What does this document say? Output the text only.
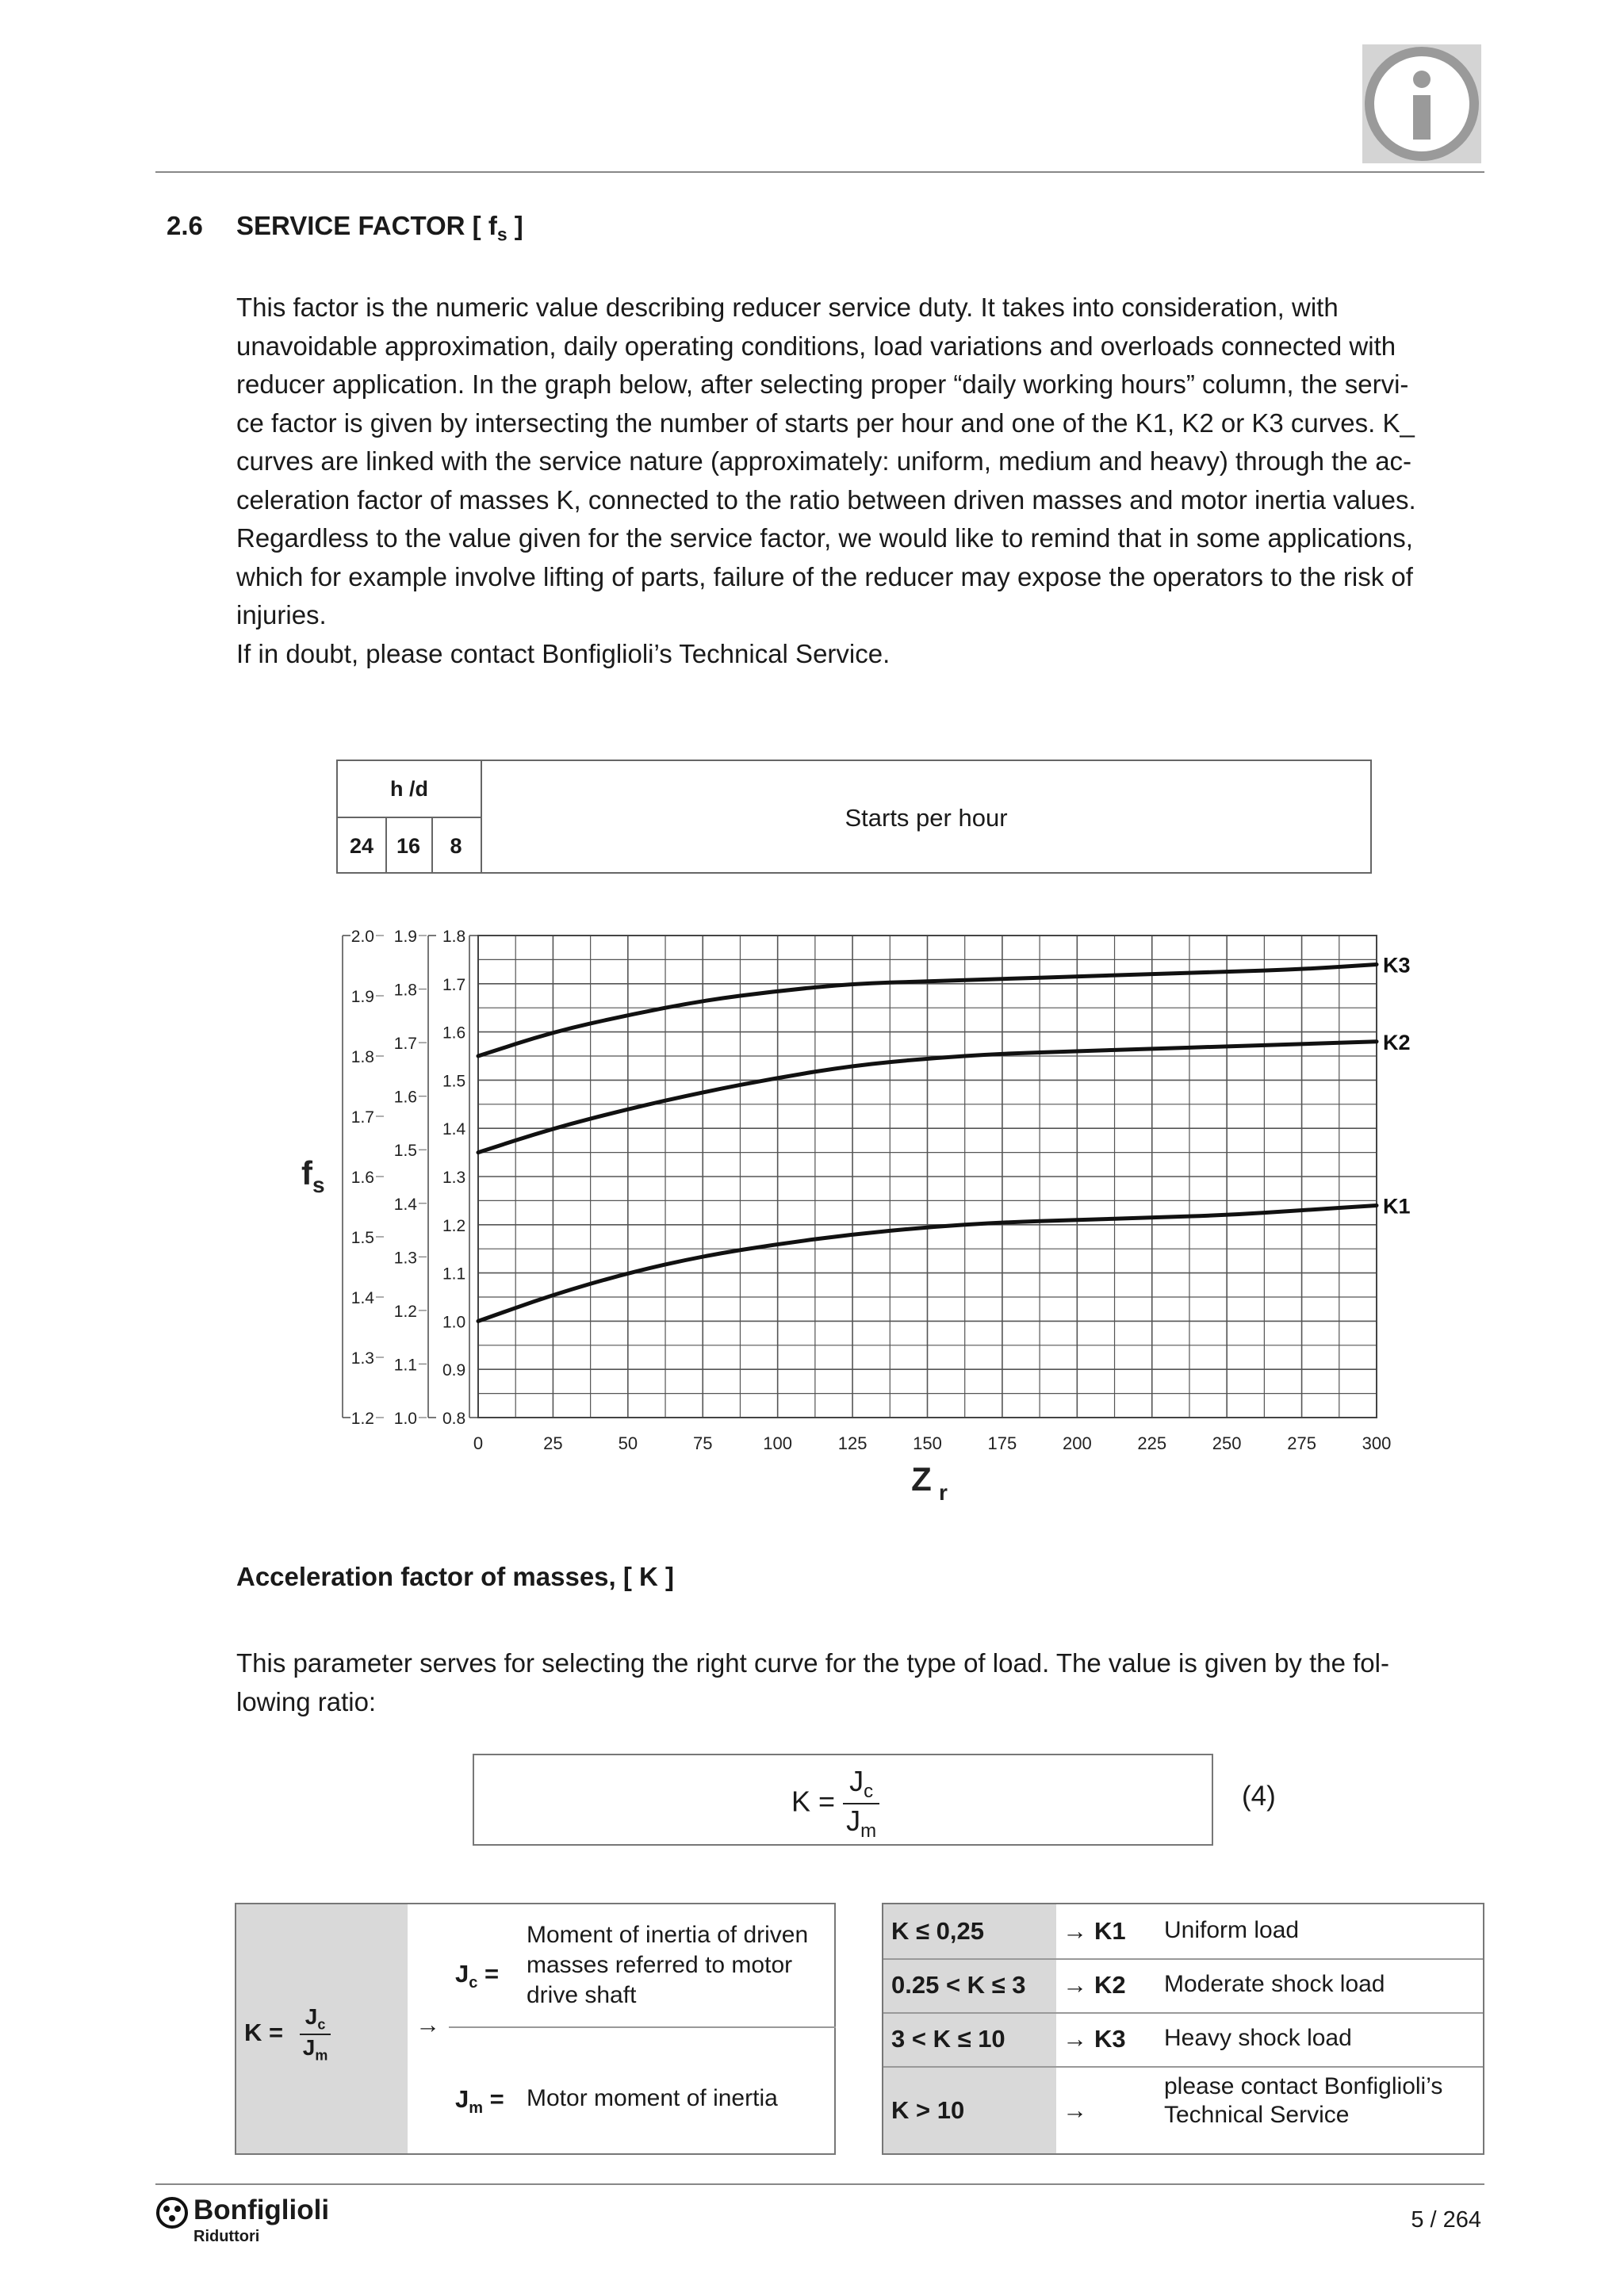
2.6 SERVICE FACTOR [ $f_s$ ]

This factor is the numeric value describing reducer service duty. It takes into consideration, with

unavoidable approximation, daily operating conditions, load variations and overloads connected with

reducer application. In the graph below, after selecting proper “daily working hours” column, the servi-

ce factor is given by intersecting the number of starts per hour and one of the K1, K2 or K3 curves. K_

curves are linked with the service nature (approximately: uniform, medium and heavy) through the ac-

celeration factor of masses K, connected to the ratio between driven masses and motor inertia values.

Regardless to the value given for the service factor, we would like to remind that in some applications,

which for example involve lifting of parts, failure of the reducer may expose the operators to the risk of

injuries.

If in doubt, please contact Bonfiglioli’s Technical Service.

h /d
24	16	8
Starts per hour
0	25	50	75	100	125	150	175	200	225	250	275	300
Z r
f s
2.0
1.9
1.8
1.7
1.6
1.5
1.4
1.3
1.2
1.9
1.8
1.7
1.6
1.5
1.4
1.3
1.2
1.1
1.0
1.8
1.7
1.6
1.5
1.4
1.3
1.2
1.1
1.0
0.9
0.8
K3
K2
K1
Acceleration factor of masses, [ K ]

This parameter serves for selecting the right curve for the type of load. The value is given by the fol-

lowing ratio:

$K = \frac{J_c}{J_m}$	(4)
$K = \frac{J_c}{J_m}$	→
$J_c$ =
Moment of inertia of driven
masses referred to motor
drive shaft
$J_m$ = Motor moment of inertia
K ≤ 0,25	→ K1 Uniform load
0.25 < K ≤ 3 → K2 Moderate shock load
3 < K ≤ 10 → K3 Heavy shock load
K > 10	→
please contact Bonfiglioli’s
Technical Service
Bonfiglioli
Riduttori
5 / 264
